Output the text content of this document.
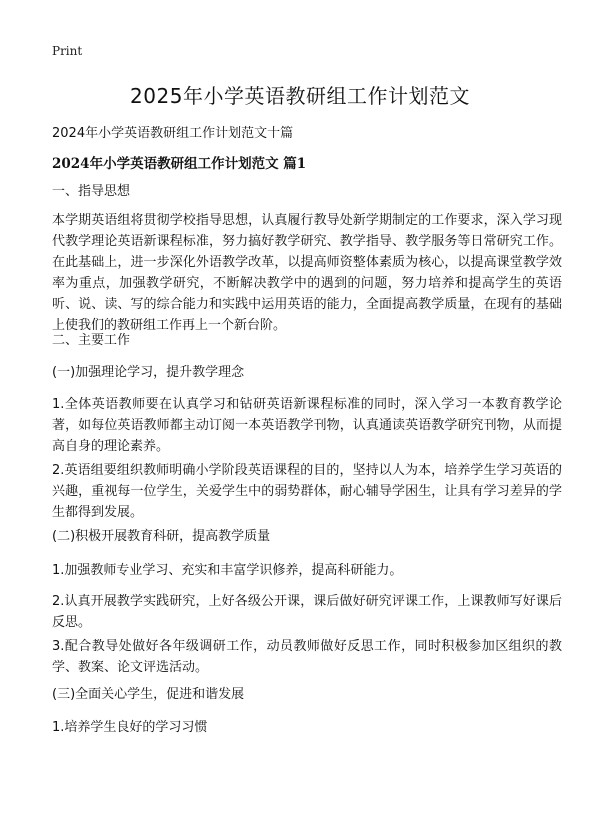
Print
2025年小学英语教研组工作计划范文
2024年小学英语教研组工作计划范文十篇
2024年小学英语教研组工作计划范文 篇1

一、指导思想

本学期英语组将贯彻学校指导思想，认真履行教导处新学期制定的工作要求，深入学习现代教学理论英语新课程标准，努力搞好教学研究、教学指导、教学服务等日常研究工作。在此基础上，进一步深化外语教学改革，以提高师资整体素质为核心，以提高课堂教学效率为重点，加强教学研究，不断解决教学中的遇到的问题，努力培养和提高学生的英语听、说、读、写的综合能力和实践中运用英语的能力，全面提高教学质量，在现有的基础上使我们的教研组工作再上一个新台阶。

二、主要工作

(一)加强理论学习，提升教学理念

1.全体英语教师要在认真学习和钻研英语新课程标准的同时，深入学习一本教育教学论著，如每位英语教师都主动订阅一本英语教学刊物，认真通读英语教学研究刊物，从而提高自身的理论素养。

2.英语组要组织教师明确小学阶段英语课程的目的，坚持以人为本，培养学生学习英语的兴趣，重视每一位学生，关爱学生中的弱势群体，耐心辅导学困生，让具有学习差异的学生都得到发展。

(二)积极开展教育科研，提高教学质量

1.加强教师专业学习、充实和丰富学识修养，提高科研能力。

2.认真开展教学实践研究，上好各级公开课，课后做好研究评课工作，上课教师写好课后反思。

3.配合教导处做好各年级调研工作，动员教师做好反思工作，同时积极参加区组织的教学、教案、论文评选活动。

(三)全面关心学生，促进和谐发展

1.培养学生良好的学习习惯
